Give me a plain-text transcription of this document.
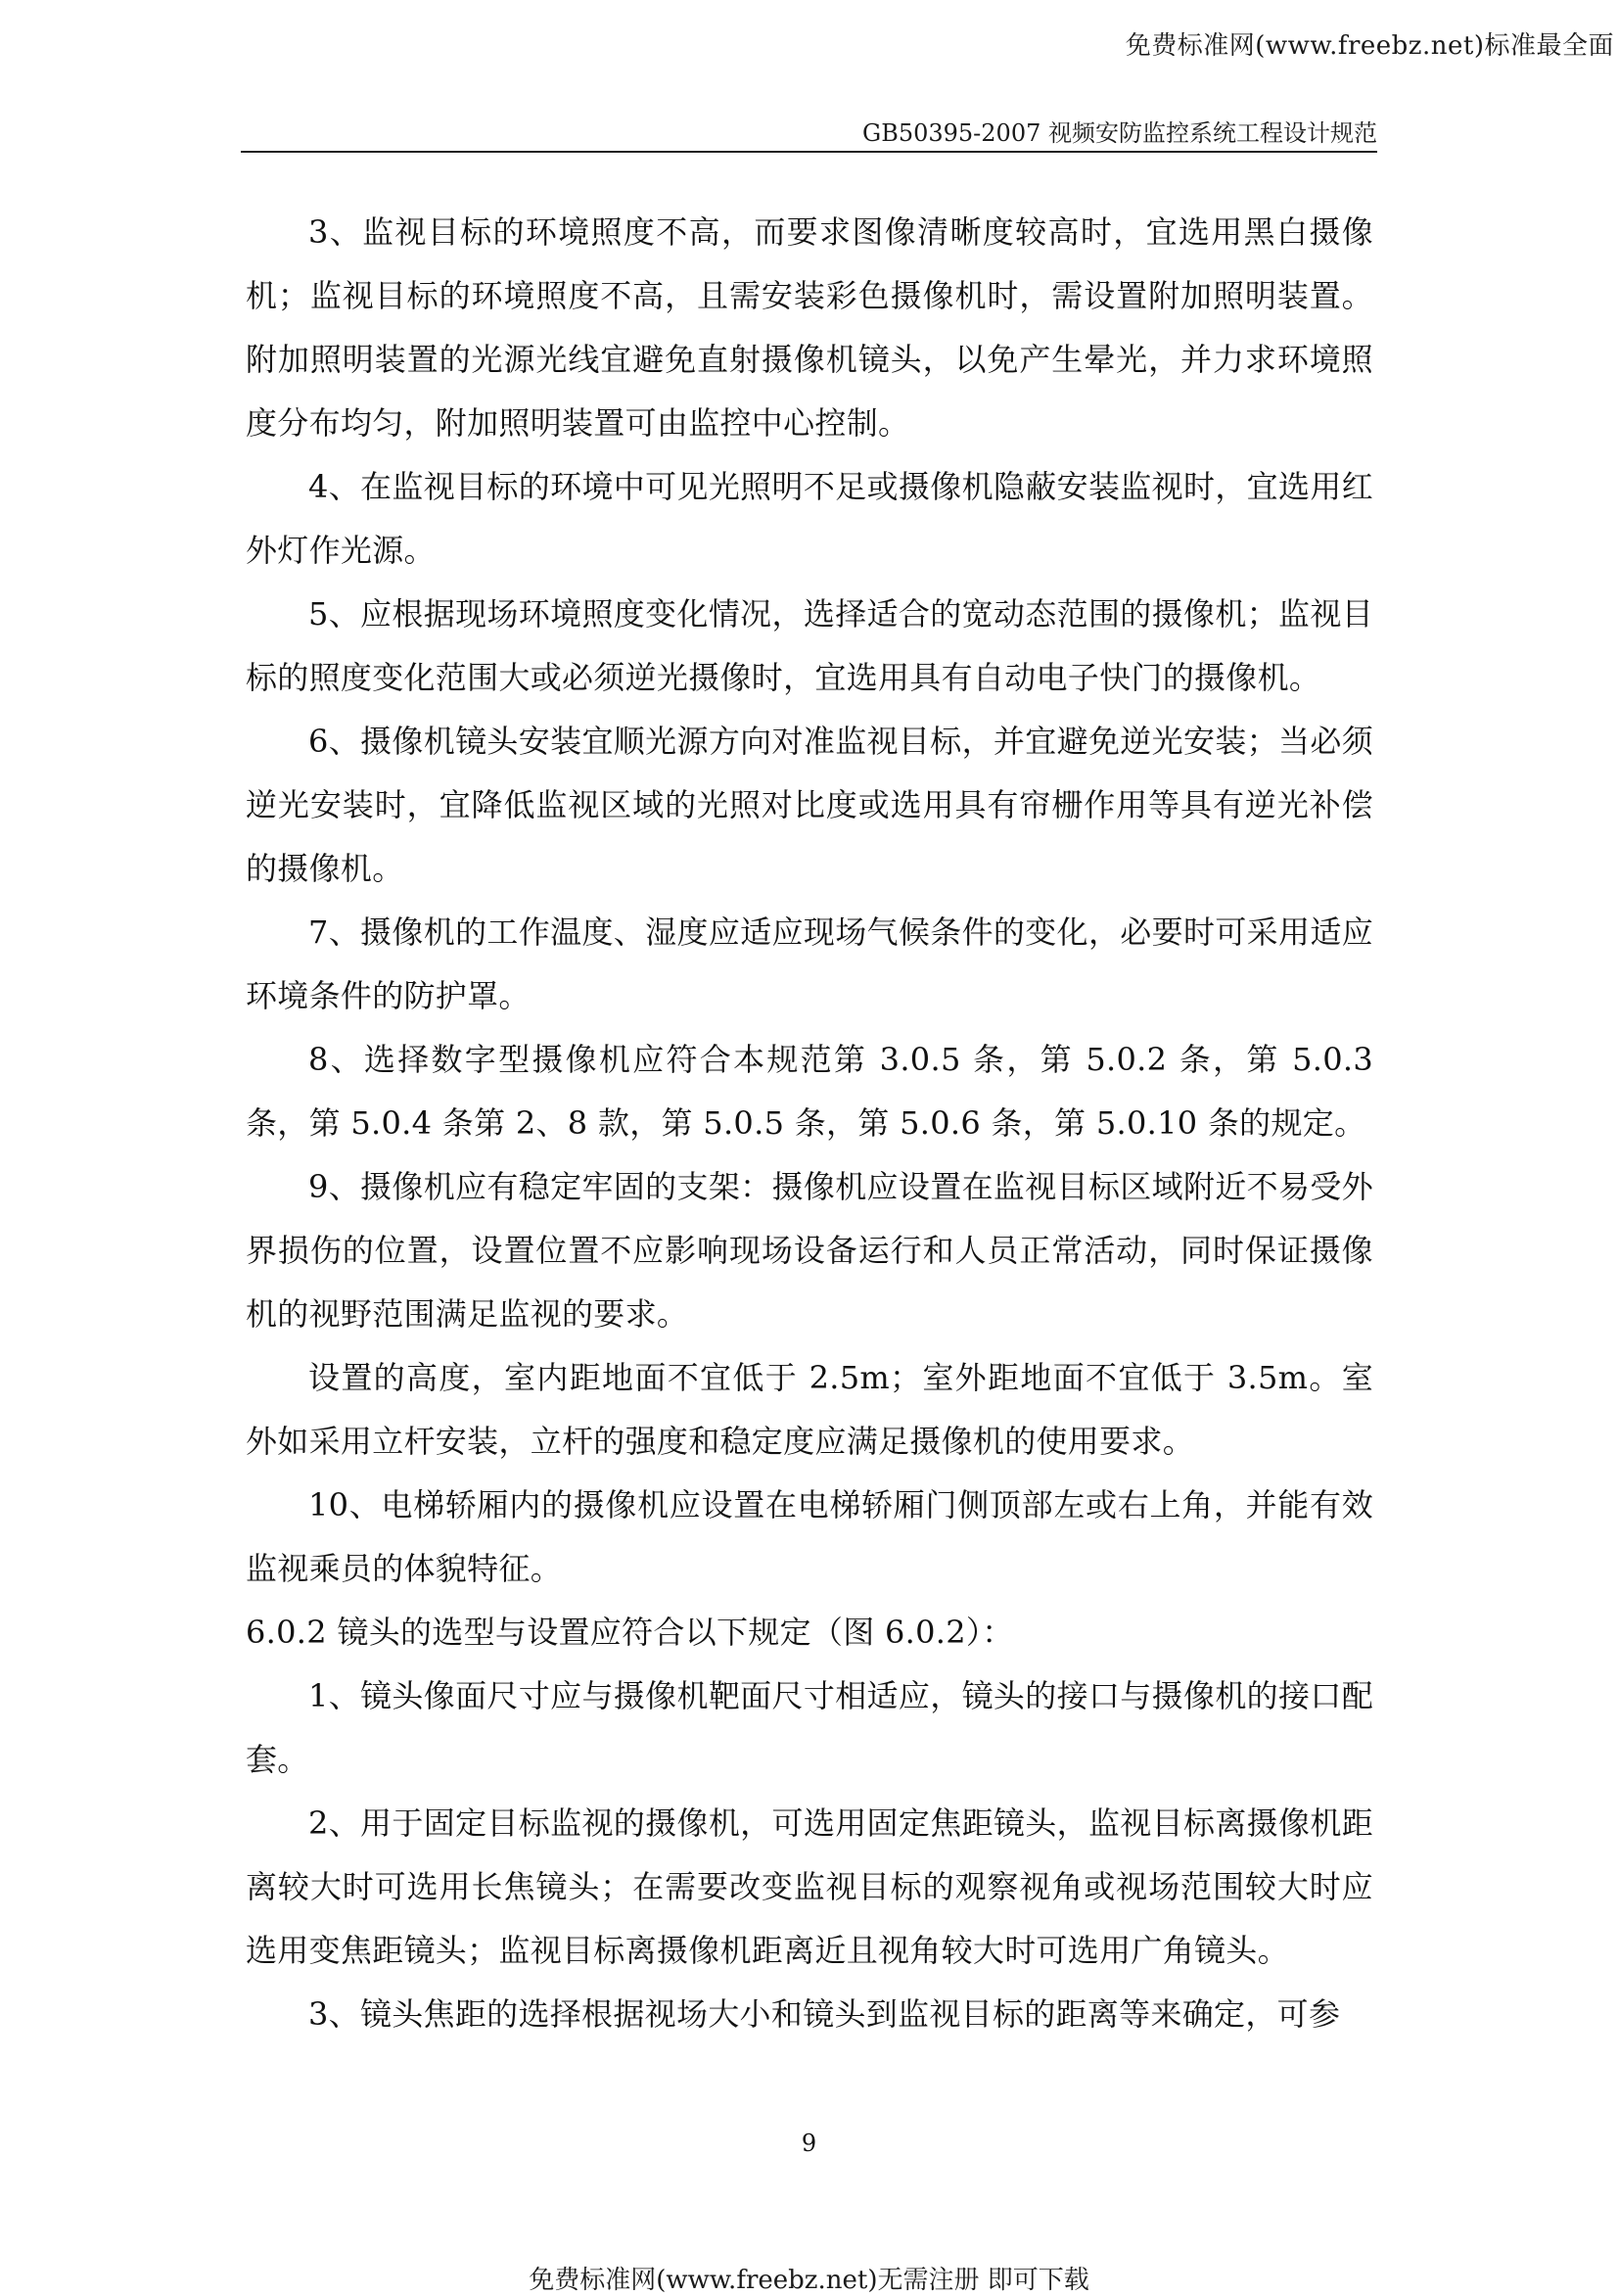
免费标准网(www.freebz.net)标准最全面
GB50395-2007 视频安防监控系统工程设计规范

3、监视目标的环境照度不高，而要求图像清晰度较高时，宜选用黑白摄像机；监视目标的环境照度不高，且需安装彩色摄像机时，需设置附加照明装置。附加照明装置的光源光线宜避免直射摄像机镜头，以免产生晕光，并力求环境照度分布均匀，附加照明装置可由监控中心控制。

4、在监视目标的环境中可见光照明不足或摄像机隐蔽安装监视时，宜选用红外灯作光源。

5、应根据现场环境照度变化情况，选择适合的宽动态范围的摄像机；监视目标的照度变化范围大或必须逆光摄像时，宜选用具有自动电子快门的摄像机。

6、摄像机镜头安装宜顺光源方向对准监视目标，并宜避免逆光安装；当必须逆光安装时，宜降低监视区域的光照对比度或选用具有帘栅作用等具有逆光补偿的摄像机。

7、摄像机的工作温度、湿度应适应现场气候条件的变化，必要时可采用适应环境条件的防护罩。

8、选择数字型摄像机应符合本规范第 3.0.5 条，第 5.0.2 条，第 5.0.3 条，第 5.0.4 条第 2、8 款，第 5.0.5 条，第 5.0.6 条，第 5.0.10 条的规定。

9、摄像机应有稳定牢固的支架：摄像机应设置在监视目标区域附近不易受外界损伤的位置，设置位置不应影响现场设备运行和人员正常活动，同时保证摄像机的视野范围满足监视的要求。

设置的高度，室内距地面不宜低于 2.5m；室外距地面不宜低于 3.5m。室外如采用立杆安装，立杆的强度和稳定度应满足摄像机的使用要求。

10、电梯轿厢内的摄像机应设置在电梯轿厢门侧顶部左或右上角，并能有效监视乘员的体貌特征。

6.0.2 镜头的选型与设置应符合以下规定（图 6.0.2）：

1、镜头像面尺寸应与摄像机靶面尺寸相适应，镜头的接口与摄像机的接口配套。

2、用于固定目标监视的摄像机，可选用固定焦距镜头，监视目标离摄像机距离较大时可选用长焦镜头；在需要改变监视目标的观察视角或视场范围较大时应选用变焦距镜头；监视目标离摄像机距离近且视角较大时可选用广角镜头。

3、镜头焦距的选择根据视场大小和镜头到监视目标的距离等来确定，可参

9
免费标准网(www.freebz.net)无需注册 即可下载
